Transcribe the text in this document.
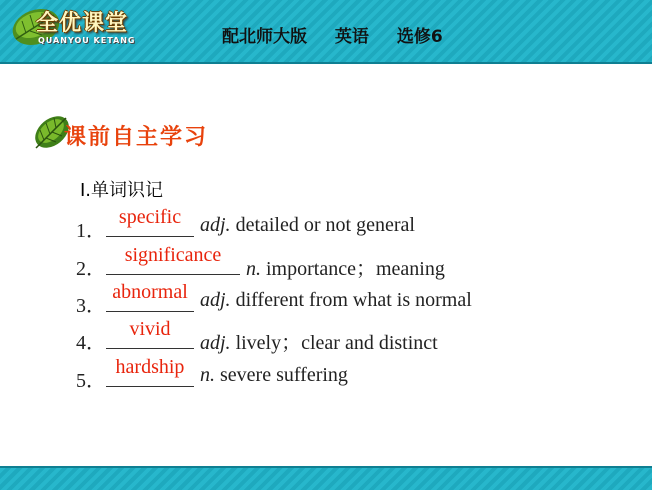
全优课堂
QUANYOU KETANG	配北师大版 英语 选修6
课前自主学习
Ⅰ.单词识记
1．
specific adj. detailed or not general
2．
significance
n. importance；meaning
3．
abnormal adj. different from what is normal
4．
vivid
adj. lively；clear and distinct
5．
hardship n. severe suffering
